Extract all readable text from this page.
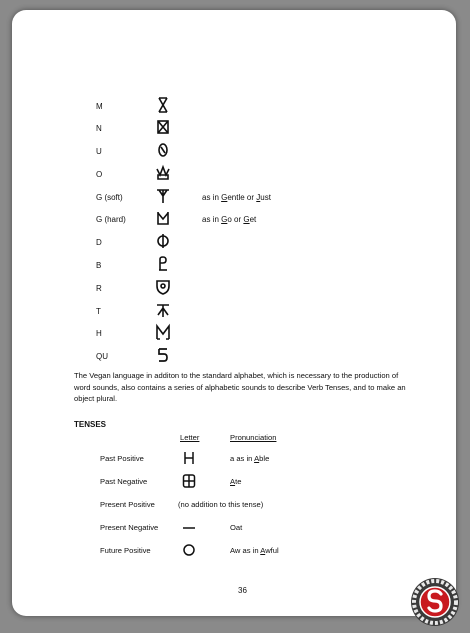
M
N
U
O
G (soft)	as in Gentle or Just
G (hard)	as in Go or Get
D
B
R
T
H
QU
The Vegan language in additon to the standard alphabet, which is necessary to the production of word sounds, also contains a series of alphabetic sounds to describe Verb Tenses, and to make an object plural.
TENSES
Letter	Pronunciation
Past Positive	a as in Able
Past Negative	Ate
Present Positive	(no addition to this tense)
Present Negative	Oat
Future Positive	Aw as in Awful
36
